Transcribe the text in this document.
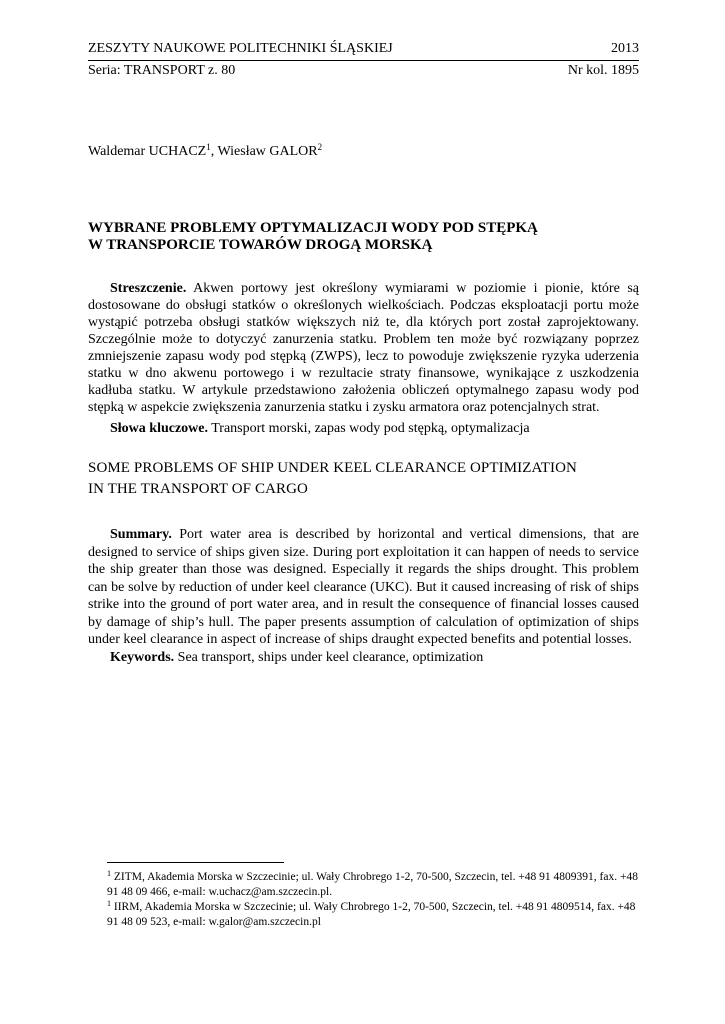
ZESZYTY NAUKOWE POLITECHNIKI ŚLĄSKIEJ	2013
Seria: TRANSPORT z. 80	Nr kol. 1895
Waldemar UCHACZ$^1$, Wiesław GALOR$^2$
WYBRANE PROBLEMY OPTYMALIZACJI WODY POD STĘPKĄ
W TRANSPORCIE TOWARÓW DROGĄ MORSKĄ
Streszczenie. Akwen portowy jest określony wymiarami w poziomie i pionie, które są dostosowane do obsługi statków o określonych wielkościach. Podczas eksploatacji portu może wystąpić potrzeba obsługi statków większych niż te, dla których port został zaprojektowany. Szczególnie może to dotyczyć zanurzenia statku. Problem ten może być rozwiązany poprzez zmniejszenie zapasu wody pod stępką (ZWPS), lecz to powoduje zwiększenie ryzyka uderzenia statku w dno akwenu portowego i w rezultacie straty finansowe, wynikające z uszkodzenia kadłuba statku. W artykule przedstawiono założenia obliczeń optymalnego zapasu wody pod stępką w aspekcie zwiększenia zanurzenia statku i zysku armatora oraz potencjalnych strat.
Słowa kluczowe. Transport morski, zapas wody pod stępką, optymalizacja
SOME PROBLEMS OF SHIP UNDER KEEL CLEARANCE OPTIMIZATION
IN THE TRANSPORT OF CARGO
Summary. Port water area is described by horizontal and vertical dimensions, that are designed to service of ships given size. During port exploitation it can happen of needs to service the ship greater than those was designed. Especially it regards the ships drought. This problem can be solve by reduction of under keel clearance (UKC). But it caused increasing of risk of ships strike into the ground of port water area, and in result the consequence of financial losses caused by damage of ship’s hull. The paper presents assumption of calculation of optimization of ships under keel clearance in aspect of increase of ships draught expected benefits and potential losses.
Keywords. Sea transport, ships under keel clearance, optimization
$^1$ ZITM, Akademia Morska w Szczecinie; ul. Wały Chrobrego 1-2, 70-500, Szczecin, tel. +48 91 4809391, fax. +48 91 48 09 466, e-mail: w.uchacz@am.szczecin.pl.
$^1$ IIRM, Akademia Morska w Szczecinie; ul. Wały Chrobrego 1-2, 70-500, Szczecin, tel. +48 91 4809514, fax. +48 91 48 09 523, e-mail: w.galor@am.szczecin.pl
